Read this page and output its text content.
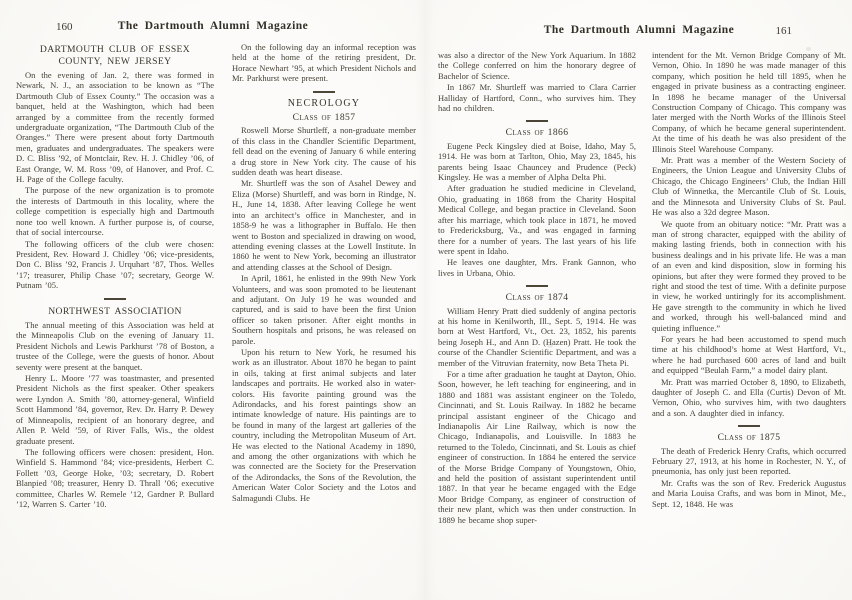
160	The Dartmouth Alumni Magazine
DARTMOUTH CLUB OF ESSEX
COUNTY, NEW JERSEY
On the evening of Jan. 2, there was formed in Newark, N. J., an association to be known as “The Dartmouth Club of Essex County.” The occasion was a banquet, held at the Washington, which had been arranged by a committee from the recently formed undergraduate organization, “The Dartmouth Club of the Oranges.” There were present about forty Dartmouth men, graduates and undergraduates. The speakers were D. C. Bliss ’92, of Montclair, Rev. H. J. Chidley ’06, of East Orange, W. M. Ross ’09, of Hanover, and Prof. C. H. Page of the College faculty.
The purpose of the new organization is to promote the interests of Dartmouth in this locality, where the college competition is especially high and Dartmouth none too well known. A further purpose is, of course, that of social intercourse.
The following officers of the club were chosen: President, Rev. Howard J. Chidley ’06; vice-presidents, Don C. Bliss ’92, Francis J. Urquhart ’87, Thos. Welles ’17; treasurer, Philip Chase ’07; secretary, George W. Putnam ’05.
NORTHWEST ASSOCIATION
The annual meeting of this Association was held at the Minneapolis Club on the evening of January 11. President Nichols and Lewis Parkhurst ’78 of Boston, a trustee of the College, were the guests of honor. About seventy were present at the banquet.
Henry L. Moore ’77 was toastmaster, and presented President Nichols as the first speaker. Other speakers were Lyndon A. Smith ’80, attorney-general, Winfield Scott Hammond ’84, governor, Rev. Dr. Harry P. Dewey of Minneapolis, recipient of an honorary degree, and Allen P. Weld ’59, of River Falls, Wis., the oldest graduate present.
The following officers were chosen: president, Hon. Winfield S. Hammond ’84; vice-presidents, Herbert C. Follett ’03, George Hoke, ’03; secretary, D. Robert Blanpied ’08; treasurer, Henry D. Thrall ’06; executive committee, Charles W. Remele ’12, Gardner P. Bullard ’12, Warren S. Carter ’10.
On the following day an informal reception was held at the home of the retiring president, Dr. Horace Newhart ’95, at which President Nichols and Mr. Parkhurst were present.
NECROLOGY
Class of 1857
Roswell Morse Shurtleff, a non-graduate member of this class in the Chandler Scientific Department, fell dead on the evening of January 6 while entering a drug store in New York city. The cause of his sudden death was heart disease.
Mr. Shurtleff was the son of Asahel Dewey and Eliza (Morse) Shurtleff, and was born in Rindge, N. H., June 14, 1838. After leaving College he went into an architect’s office in Manchester, and in 1858-9 he was a lithographer in Buffalo. He then went to Boston and specialized in drawing on wood, attending evening classes at the Lowell Institute. In 1860 he went to New York, becoming an illustrator and attending classes at the School of Design.
In April, 1861, he enlisted in the 99th New York Volunteers, and was soon promoted to be lieutenant and adjutant. On July 19 he was wounded and captured, and is said to have been the first Union officer so taken prisoner. After eight months in Southern hospitals and prisons, he was released on parole.
Upon his return to New York, he resumed his work as an illustrator. About 1870 he began to paint in oils, taking at first animal subjects and later landscapes and portraits. He worked also in water-colors. His favorite painting ground was the Adirondacks, and his forest paintings show an intimate knowledge of nature. His paintings are to be found in many of the largest art galleries of the country, including the Metropolitan Museum of Art. He was elected to the National Academy in 1890, and among the other organizations with which he was connected are the Society for the Preservation of the Adirondacks, the Sons of the Revolution, the American Water Color Society and the Lotos and Salmagundi Clubs. He
The Dartmouth Alumni Magazine	161
was also a director of the New York Aquarium. In 1882 the College conferred on him the honorary degree of Bachelor of Science.
In 1867 Mr. Shurtleff was married to Clara Carrier Halliday of Hartford, Conn., who survives him. They had no children.
Class of 1866
Eugene Peck Kingsley died at Boise, Idaho, May 5, 1914. He was born at Tarlton, Ohio, May 23, 1845, his parents being Isaac Chauncey and Prudence (Peck) Kingsley. He was a member of Alpha Delta Phi.
After graduation he studied medicine in Cleveland, Ohio, graduating in 1868 from the Charity Hospital Medical College, and began practice in Cleveland. Soon after his marriage, which took place in 1871, he moved to Fredericksburg, Va., and was engaged in farming there for a number of years. The last years of his life were spent in Idaho.
He leaves one daughter, Mrs. Frank Gannon, who lives in Urbana, Ohio.
Class of 1874
William Henry Pratt died suddenly of angina pectoris at his home in Kenilworth, Ill., Sept. 5, 1914. He was born at West Hartford, Vt., Oct. 23, 1852, his parents being Joseph H., and Ann D. (Hazen) Pratt. He took the course of the Chandler Scientific Department, and was a member of the Vitruvian fraternity, now Beta Theta Pi.
For a time after graduation he taught at Dayton, Ohio. Soon, however, he left teaching for engineering, and in 1880 and 1881 was assistant engineer on the Toledo, Cincinnati, and St. Louis Railway. In 1882 he became principal assistant engineer of the Chicago and Indianapolis Air Line Railway, which is now the Chicago, Indianapolis, and Louisville. In 1883 he returned to the Toledo, Cincinnati, and St. Louis as chief engineer of construction. In 1884 he entered the service of the Morse Bridge Company of Youngstown, Ohio, and held the position of assistant superintendent until 1887. In that year he became engaged with the Edge Moor Bridge Company, as engineer of construction of their new plant, which was then under construction. In 1889 he became shop super-
intendent for the Mt. Vernon Bridge Company of Mt. Vernon, Ohio. In 1890 he was made manager of this company, which position he held till 1895, when he engaged in private business as a contracting engineer. In 1898 he became manager of the Universal Construction Company of Chicago. This company was later merged with the North Works of the Illinois Steel Company, of which he became general superintendent. At the time of his death he was also president of the Illinois Steel Warehouse Company.
Mr. Pratt was a member of the Western Society of Engineers, the Union League and University Clubs of Chicago, the Chicago Engineers’ Club, the Indian Hill Club of Winnetka, the Mercantile Club of St. Louis, and the Minnesota and University Clubs of St. Paul. He was also a 32d degree Mason.
We quote from an obituary notice: “Mr. Pratt was a man of strong character, equipped with the ability of making lasting friends, both in connection with his business dealings and in his private life. He was a man of an even and kind disposition, slow in forming his opinions, but after they were formed they proved to be right and stood the test of time. With a definite purpose in view, he worked untiringly for its accomplishment. He gave strength to the community in which he lived and worked, through his well-balanced mind and quieting influence.”
For years he had been accustomed to spend much time at his childhood’s home at West Hartford, Vt., where he had purchased 600 acres of land and built and equipped “Beulah Farm,” a model dairy plant.
Mr. Pratt was married October 8, 1890, to Elizabeth, daughter of Joseph C. and Ella (Curtis) Devon of Mt. Vernon, Ohio, who survives him, with two daughters and a son. A daughter died in infancy.
Class of 1875
The death of Frederick Henry Crafts, which occurred February 27, 1913, at his home in Rochester, N. Y., of pneumonia, has only just been reported.
Mr. Crafts was the son of Rev. Frederick Augustus and Maria Louisa Crafts, and was born in Minot, Me., Sept. 12, 1848. He was
